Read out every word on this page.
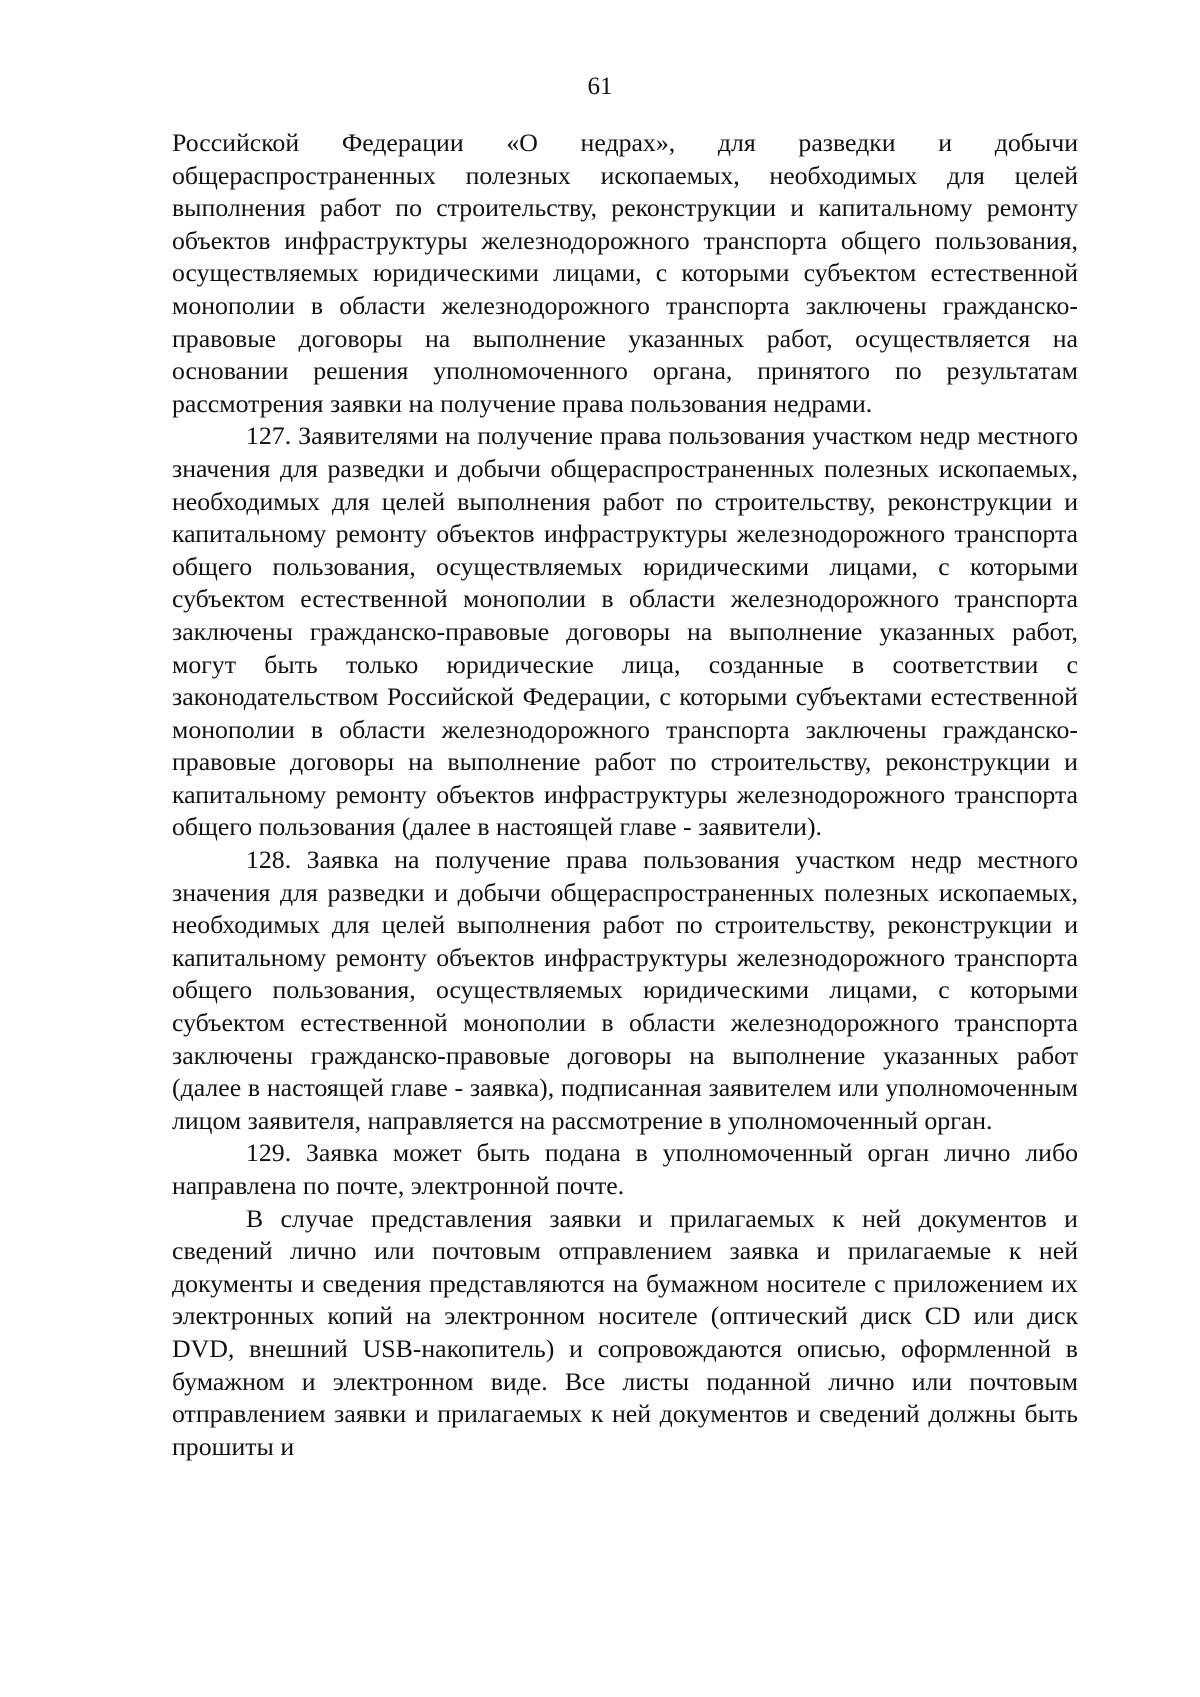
61

Российской Федерации «О недрах», для разведки и добычи общераспространенных полезных ископаемых, необходимых для целей выполнения работ по строительству, реконструкции и капитальному ремонту объектов инфраструктуры железнодорожного транспорта общего пользования, осуществляемых юридическими лицами, с которыми субъектом естественной монополии в области железнодорожного транспорта заключены гражданско-правовые договоры на выполнение указанных работ, осуществляется на основании решения уполномоченного органа, принятого по результатам рассмотрения заявки на получение права пользования недрами.

127. Заявителями на получение права пользования участком недр местного значения для разведки и добычи общераспространенных полезных ископаемых, необходимых для целей выполнения работ по строительству, реконструкции и капитальному ремонту объектов инфраструктуры железнодорожного транспорта общего пользования, осуществляемых юридическими лицами, с которыми субъектом естественной монополии в области железнодорожного транспорта заключены гражданско-правовые договоры на выполнение указанных работ, могут быть только юридические лица, созданные в соответствии с законодательством Российской Федерации, с которыми субъектами естественной монополии в области железнодорожного транспорта заключены гражданско-правовые договоры на выполнение работ по строительству, реконструкции и капитальному ремонту объектов инфраструктуры железнодорожного транспорта общего пользования (далее в настоящей главе - заявители).

128. Заявка на получение права пользования участком недр местного значения для разведки и добычи общераспространенных полезных ископаемых, необходимых для целей выполнения работ по строительству, реконструкции и капитальному ремонту объектов инфраструктуры железнодорожного транспорта общего пользования, осуществляемых юридическими лицами, с которыми субъектом естественной монополии в области железнодорожного транспорта заключены гражданско-правовые договоры на выполнение указанных работ (далее в настоящей главе - заявка), подписанная заявителем или уполномоченным лицом заявителя, направляется на рассмотрение в уполномоченный орган.

129. Заявка может быть подана в уполномоченный орган лично либо направлена по почте, электронной почте.

В случае представления заявки и прилагаемых к ней документов и сведений лично или почтовым отправлением заявка и прилагаемые к ней документы и сведения представляются на бумажном носителе с приложением их электронных копий на электронном носителе (оптический диск CD или диск DVD, внешний USB-накопитель) и сопровождаются описью, оформленной в бумажном и электронном виде. Все листы поданной лично или почтовым отправлением заявки и прилагаемых к ней документов и сведений должны быть прошиты и
